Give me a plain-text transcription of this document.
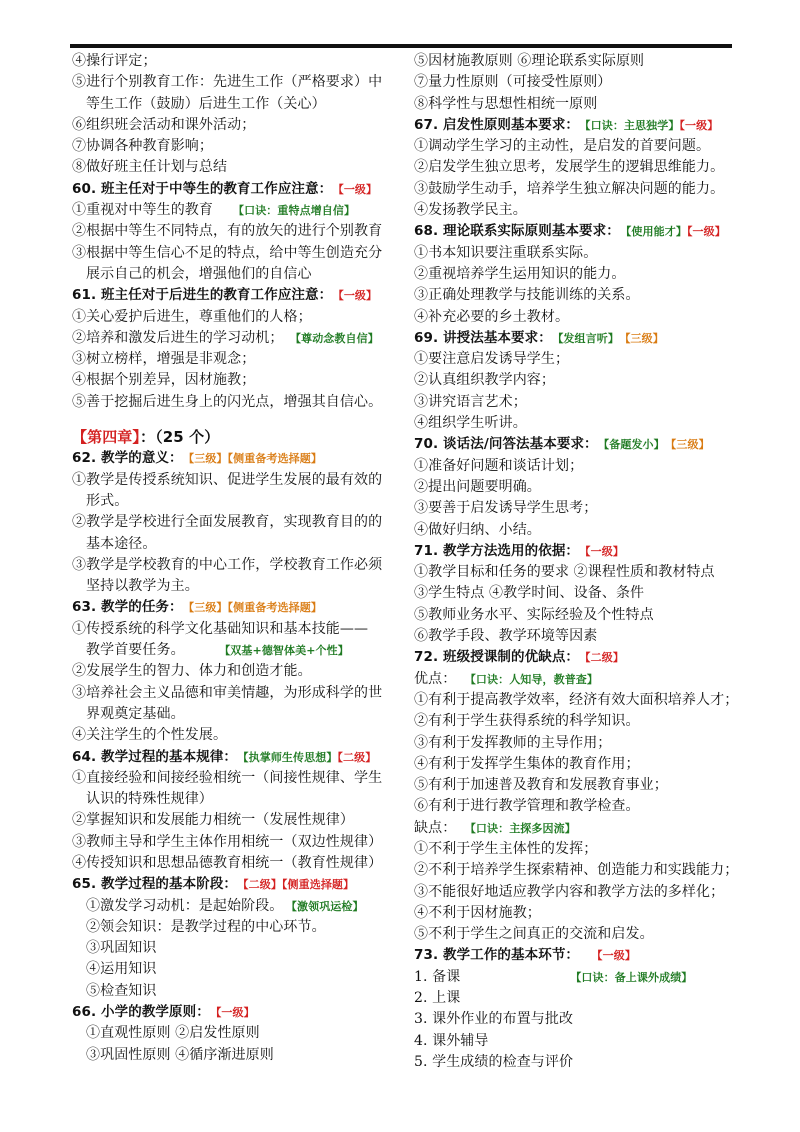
④操行评定；
⑤进行个别教育工作：先进生工作（严格要求）中
等生工作（鼓励）后进生工作（关心）
⑥组织班会活动和课外活动；
⑦协调各种教育影响；
⑧做好班主任计划与总结
60. 班主任对于中等生的教育工作应注意： 【一级】
①重视对中等生的教育 【口诀：重特点增自信】
②根据中等生不同特点，有的放矢的进行个别教育
③根据中等生信心不足的特点，给中等生创造充分
展示自己的机会，增强他们的自信心
61. 班主任对于后进生的教育工作应注意： 【一级】
①关心爱护后进生，尊重他们的人格；
②培养和激发后进生的学习动机； 【尊动念教自信】
③树立榜样，增强是非观念；
④根据个别差异，因材施教；
⑤善于挖掘后进生身上的闪光点，增强其自信心。
【第四章】：（25 个）
62. 教学的意义： 【三级】【侧重备考选择题】
①教学是传授系统知识、促进学生发展的最有效的
形式。
②教学是学校进行全面发展教育，实现教育目的的
基本途径。
③教学是学校教育的中心工作，学校教育工作必须
坚持以教学为主。
63. 教学的任务： 【三级】【侧重备考选择题】
①传授系统的科学文化基础知识和基本技能——
教学首要任务。	【双基+德智体美+个性】
②发展学生的智力、体力和创造才能。
③培养社会主义品德和审美情趣，为形成科学的世
界观奠定基础。
④关注学生的个性发展。
64. 教学过程的基本规律： 【执掌师生传思想】【二级】
①直接经验和间接经验相统一（间接性规律、学生
认识的特殊性规律）
②掌握知识和发展能力相统一（发展性规律）
③教师主导和学生主体作用相统一（双边性规律）
④传授知识和思想品德教育相统一（教育性规律）
65. 教学过程的基本阶段： 【二级】【侧重选择题】
①激发学习动机：是起始阶段。 【激领巩运检】
②领会知识：是教学过程的中心环节。
③巩固知识
④运用知识
⑤检查知识
66. 小学的教学原则： 【一级】
①直观性原则 ②启发性原则
③巩固性原则 ④循序渐进原则
⑤因材施教原则 ⑥理论联系实际原则
⑦量力性原则（可接受性原则）
⑧科学性与思想性相统一原则
67. 启发性原则基本要求： 【口诀：主思独学】【一级】
①调动学生学习的主动性，是启发的首要问题。
②启发学生独立思考，发展学生的逻辑思维能力。
③鼓励学生动手，培养学生独立解决问题的能力。
④发扬教学民主。
68. 理论联系实际原则基本要求： 【使用能才】【一级】
①书本知识要注重联系实际。
②重视培养学生运用知识的能力。
③正确处理教学与技能训练的关系。
④补充必要的乡土教材。
69. 讲授法基本要求： 【发组言听】 【三级】
①要注意启发诱导学生；
②认真组织教学内容；
③讲究语言艺术；
④组织学生听讲。
70. 谈话法/问答法基本要求： 【备题发小】 【三级】
①准备好问题和谈话计划；
②提出问题要明确。
③要善于启发诱导学生思考；
④做好归纳、小结。
71. 教学方法选用的依据： 【一级】
①教学目标和任务的要求 ②课程性质和教材特点
③学生特点 ④教学时间、设备、条件
⑤教师业务水平、实际经验及个性特点
⑥教学手段、教学环境等因素
72. 班级授课制的优缺点： 【二级】
优点： 【口诀：人知导，教普查】
①有利于提高教学效率，经济有效大面积培养人才；
②有利于学生获得系统的科学知识。
③有利于发挥教师的主导作用；
④有利于发挥学生集体的教育作用；
⑤有利于加速普及教育和发展教育事业；
⑥有利于进行教学管理和教学检查。
缺点： 【口诀：主探多因流】
①不利于学生主体性的发挥；
②不利于培养学生探索精神、创造能力和实践能力；
③不能很好地适应教学内容和教学方法的多样化；
④不利于因材施教；
⑤不利于学生之间真正的交流和启发。
73. 教学工作的基本环节： 【一级】
1. 备课	【口诀：备上课外成绩】
2. 上课
3. 课外作业的布置与批改
4. 课外辅导
5. 学生成绩的检查与评价
